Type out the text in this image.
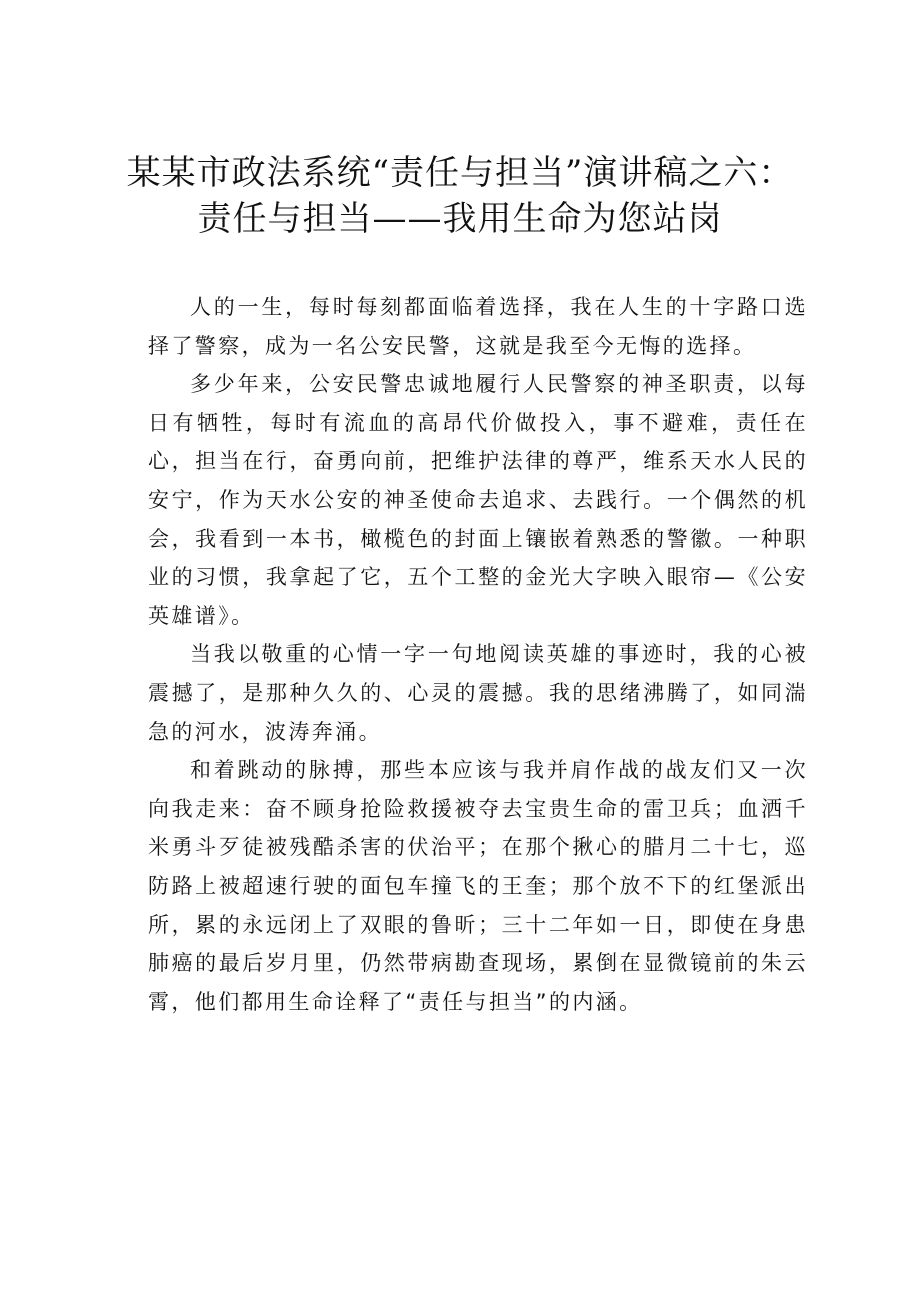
某某市政法系统“责任与担当”演讲稿之六：
责任与担当——我用生命为您站岗

人的一生，每时每刻都面临着选择，我在人生的十字路口选择了警察，成为一名公安民警，这就是我至今无悔的选择。

多少年来，公安民警忠诚地履行人民警察的神圣职责，以每日有牺牲，每时有流血的高昂代价做投入，事不避难，责任在心，担当在行，奋勇向前，把维护法律的尊严，维系天水人民的安宁，作为天水公安的神圣使命去追求、去践行。一个偶然的机会，我看到一本书，橄榄色的封面上镶嵌着熟悉的警徽。一种职业的习惯，我拿起了它，五个工整的金光大字映入眼帘—《公安英雄谱》。

当我以敬重的心情一字一句地阅读英雄的事迹时，我的心被震撼了，是那种久久的、心灵的震撼。我的思绪沸腾了，如同湍急的河水，波涛奔涌。

和着跳动的脉搏，那些本应该与我并肩作战的战友们又一次向我走来：奋不顾身抢险救援被夺去宝贵生命的雷卫兵；血洒千米勇斗歹徒被残酷杀害的伏治平；在那个揪心的腊月二十七，巡防路上被超速行驶的面包车撞飞的王奎；那个放不下的红堡派出所，累的永远闭上了双眼的鲁昕；三十二年如一日，即使在身患肺癌的最后岁月里，仍然带病勘查现场，累倒在显微镜前的朱云霄，他们都用生命诠释了“责任与担当”的内涵。
